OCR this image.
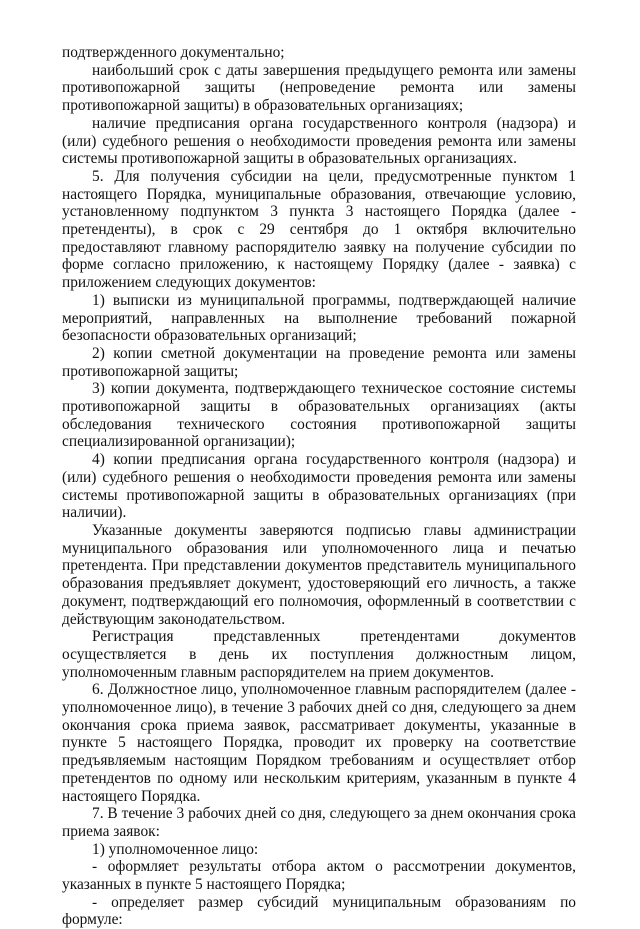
подтвержденного документально;

наибольший срок с даты завершения предыдущего ремонта или замены противопожарной защиты (непроведение ремонта или замены противопожарной защиты) в образовательных организациях;

наличие предписания органа государственного контроля (надзора) и (или) судебного решения о необходимости проведения ремонта или замены системы противопожарной защиты в образовательных организациях.

5. Для получения субсидии на цели, предусмотренные пунктом 1 настоящего Порядка, муниципальные образования, отвечающие условию, установленному подпунктом 3 пункта 3 настоящего Порядка (далее - претенденты), в срок с 29 сентября до 1 октября включительно предоставляют главному распорядителю заявку на получение субсидии по форме согласно приложению, к настоящему Порядку (далее - заявка) с приложением следующих документов:

1) выписки из муниципальной программы, подтверждающей наличие мероприятий, направленных на выполнение требований пожарной безопасности образовательных организаций;

2) копии сметной документации на проведение ремонта или замены противопожарной защиты;

3) копии документа, подтверждающего техническое состояние системы противопожарной защиты в образовательных организациях (акты обследования технического состояния противопожарной защиты специализированной организации);

4) копии предписания органа государственного контроля (надзора) и (или) судебного решения о необходимости проведения ремонта или замены системы противопожарной защиты в образовательных организациях (при наличии).

Указанные документы заверяются подписью главы администрации муниципального образования или уполномоченного лица и печатью претендента. При представлении документов представитель муниципального образования предъявляет документ, удостоверяющий его личность, а также документ, подтверждающий его полномочия, оформленный в соответствии с действующим законодательством.

Регистрация представленных претендентами документов осуществляется в день их поступления должностным лицом, уполномоченным главным распорядителем на прием документов.

6. Должностное лицо, уполномоченное главным распорядителем (далее - уполномоченное лицо), в течение 3 рабочих дней со дня, следующего за днем окончания срока приема заявок, рассматривает документы, указанные в пункте 5 настоящего Порядка, проводит их проверку на соответствие предъявляемым настоящим Порядком требованиям и осуществляет отбор претендентов по одному или нескольким критериям, указанным в пункте 4 настоящего Порядка.

7. В течение 3 рабочих дней со дня, следующего за днем окончания срока приема заявок:

1) уполномоченное лицо:

- оформляет результаты отбора актом о рассмотрении документов, указанных в пункте 5 настоящего Порядка;

- определяет размер субсидий муниципальным образованиям по формуле:
